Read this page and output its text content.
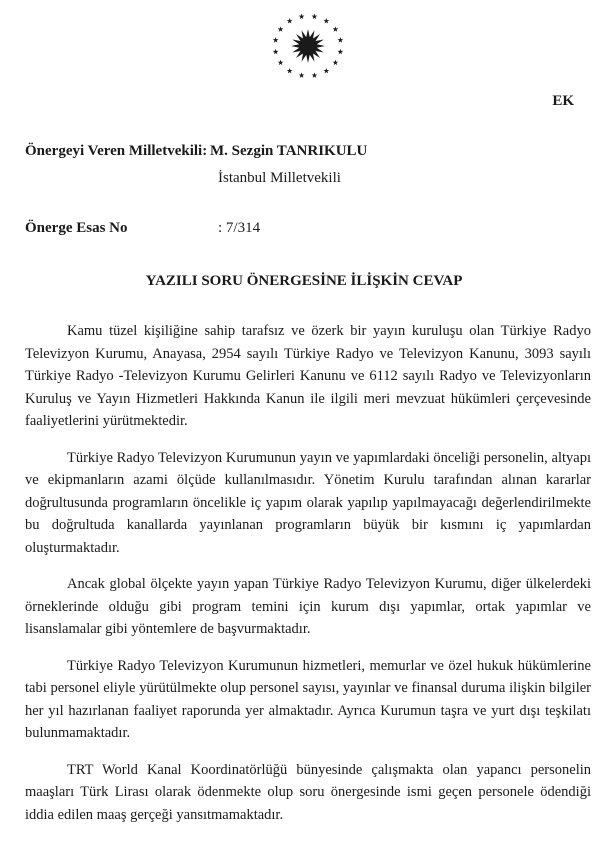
EK
Önergeyi Veren Milletvekili: M. Sezgin TANRIKULU
İstanbul Milletvekili
Önerge Esas No	: 7/314
YAZILI SORU ÖNERGESİNE İLİŞKİN CEVAP

Kamu tüzel kişiliğine sahip tarafsız ve özerk bir yayın kuruluşu olan Türkiye Radyo Televizyon Kurumu, Anayasa, 2954 sayılı Türkiye Radyo ve Televizyon Kanunu, 3093 sayılı Türkiye Radyo -Televizyon Kurumu Gelirleri Kanunu ve 6112 sayılı Radyo ve Televizyonların Kuruluş ve Yayın Hizmetleri Hakkında Kanun ile ilgili meri mevzuat hükümleri çerçevesinde faaliyetlerini yürütmektedir.

Türkiye Radyo Televizyon Kurumunun yayın ve yapımlardaki önceliği personelin, altyapı ve ekipmanların azami ölçüde kullanılmasıdır. Yönetim Kurulu tarafından alınan kararlar doğrultusunda programların öncelikle iç yapım olarak yapılıp yapılmayacağı değerlendirilmekte bu doğrultuda kanallarda yayınlanan programların büyük bir kısmını iç yapımlardan oluşturmaktadır.

Ancak global ölçekte yayın yapan Türkiye Radyo Televizyon Kurumu, diğer ülkelerdeki örneklerinde olduğu gibi program temini için kurum dışı yapımlar, ortak yapımlar ve lisanslamalar gibi yöntemlere de başvurmaktadır.

Türkiye Radyo Televizyon Kurumunun hizmetleri, memurlar ve özel hukuk hükümlerine tabi personel eliyle yürütülmekte olup personel sayısı, yayınlar ve finansal duruma ilişkin bilgiler her yıl hazırlanan faaliyet raporunda yer almaktadır. Ayrıca Kurumun taşra ve yurt dışı teşkilatı bulunmamaktadır.

TRT World Kanal Koordinatörlüğü bünyesinde çalışmakta olan yapancı personelin maaşları Türk Lirası olarak ödenmekte olup soru önergesinde ismi geçen personele ödendiği iddia edilen maaş gerçeği yansıtmamaktadır.
